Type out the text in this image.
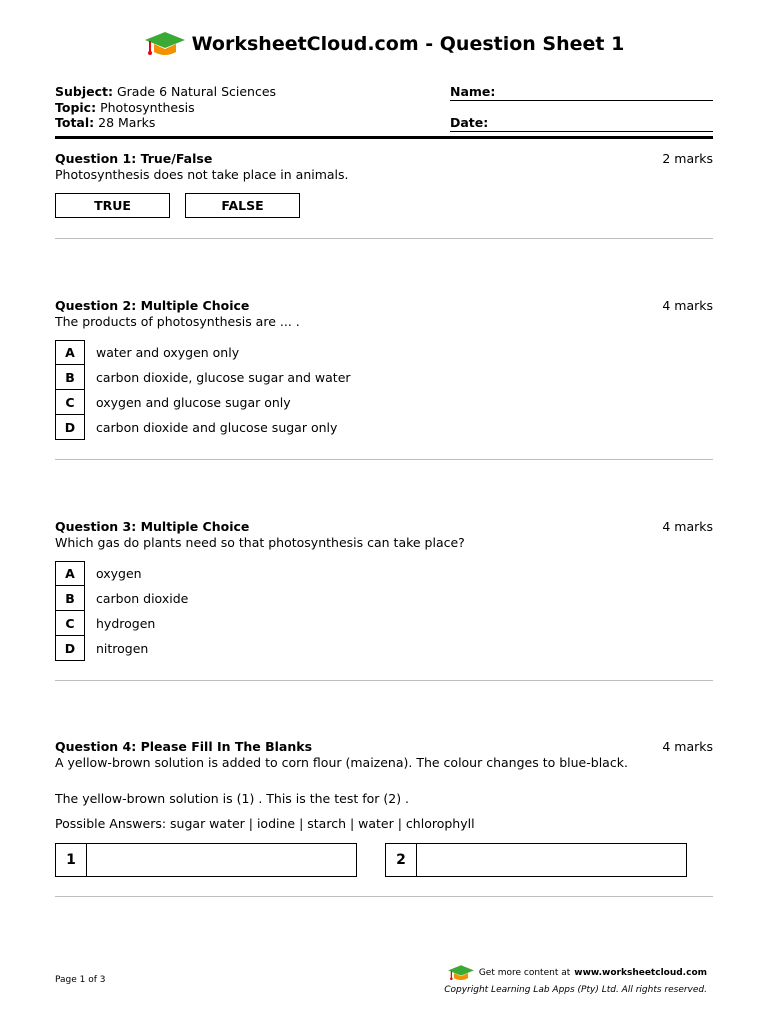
WorksheetCloud.com - Question Sheet 1
Subject: Grade 6 Natural Sciences
Topic: Photosynthesis
Total: 28 Marks
Name:
Date:
Question 1: True/False	2 marks
Photosynthesis does not take place in animals.
TRUE	FALSE
Question 2: Multiple Choice	4 marks
The products of photosynthesis are ... .
A	water and oxygen only
B	carbon dioxide, glucose sugar and water
C	oxygen and glucose sugar only
D	carbon dioxide and glucose sugar only
Question 3: Multiple Choice	4 marks
Which gas do plants need so that photosynthesis can take place?
A	oxygen
B	carbon dioxide
C	hydrogen
D	nitrogen
Question 4: Please Fill In The Blanks	4 marks
A yellow-brown solution is added to corn flour (maizena). The colour changes to blue-black.
The yellow-brown solution is (1) . This is the test for (2) .
Possible Answers: sugar water | iodine | starch | water | chlorophyll
1	2
Page 1 of 3
Get more content at www.worksheetcloud.com
Copyright Learning Lab Apps (Pty) Ltd. All rights reserved.
